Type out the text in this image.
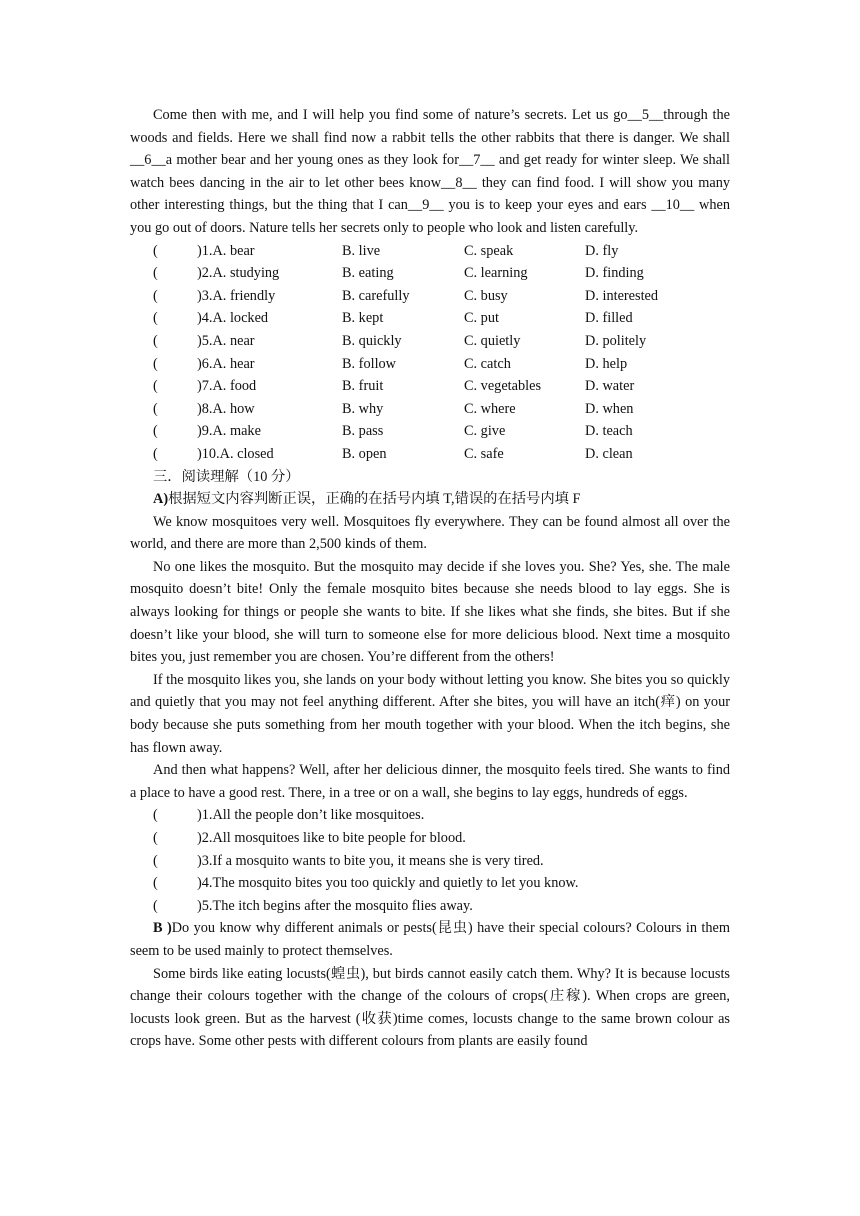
Come then with me, and I will help you find some of nature’s secrets. Let us go__5__through the woods and fields. Here we shall find now a rabbit tells the other rabbits that there is danger. We shall __6__a mother bear and her young ones as they look for__7__ and get ready for winter sleep. We shall watch bees dancing in the air to let other bees know__8__ they can find food. I will show you many other interesting things, but the thing that I can__9__ you is to keep your eyes and ears __10__ when you go out of doors. Nature tells her secrets only to people who look and listen carefully.

(	)1.A. bear	B. live	C. speak	D. fly
(	)2.A. studying	B. eating	C. learning	D. finding
(	)3.A. friendly	B. carefully	C. busy	D. interested
(	)4.A. locked	B. kept	C. put	D. filled
(	)5.A. near	B. quickly	C. quietly	D. politely
(	)6.A. hear	B. follow	C. catch	D. help
(	)7.A. food	B. fruit	C. vegetables	D. water
(	)8.A. how	B. why	C. where	D. when
(	)9.A. make	B. pass	C. give	D. teach
(	)10.A. closed	B. open	C. safe	D. clean

三．阅读理解（10 分）

A)根据短文内容判断正误，正确的在括号内填 T,错误的在括号内填 F

We know mosquitoes very well. Mosquitoes fly everywhere. They can be found almost all over the world, and there are more than 2,500 kinds of them.

No one likes the mosquito. But the mosquito may decide if she loves you. She? Yes, she. The male mosquito doesn’t bite! Only the female mosquito bites because she needs blood to lay eggs. She is always looking for things or people she wants to bite. If she likes what she finds, she bites. But if she doesn’t like your blood, she will turn to someone else for more delicious blood. Next time a mosquito bites you, just remember you are chosen. You’re different from the others!

If the mosquito likes you, she lands on your body without letting you know. She bites you so quickly and quietly that you may not feel anything different. After she bites, you will have an itch(痒) on your body because she puts something from her mouth together with your blood. When the itch begins, she has flown away.

And then what happens? Well, after her delicious dinner, the mosquito feels tired. She wants to find a place to have a good rest. There, in a tree or on a wall, she begins to lay eggs, hundreds of eggs.

(	)1.All the people don’t like mosquitoes.
(	)2.All mosquitoes like to bite people for blood.
(	)3.If a mosquito wants to bite you, it means she is very tired.
(	)4.The mosquito bites you too quickly and quietly to let you know.
(	)5.The itch begins after the mosquito flies away.

B )Do you know why different animals or pests(昆虫) have their special colours? Colours in them seem to be used mainly to protect themselves.

Some birds like eating locusts(蝗虫), but birds cannot easily catch them. Why? It is because locusts change their colours together with the change of the colours of crops(庄稼). When crops are green, locusts look green. But as the harvest (收获)time comes, locusts change to the same brown colour as crops have. Some other pests with different colours from plants are easily found
